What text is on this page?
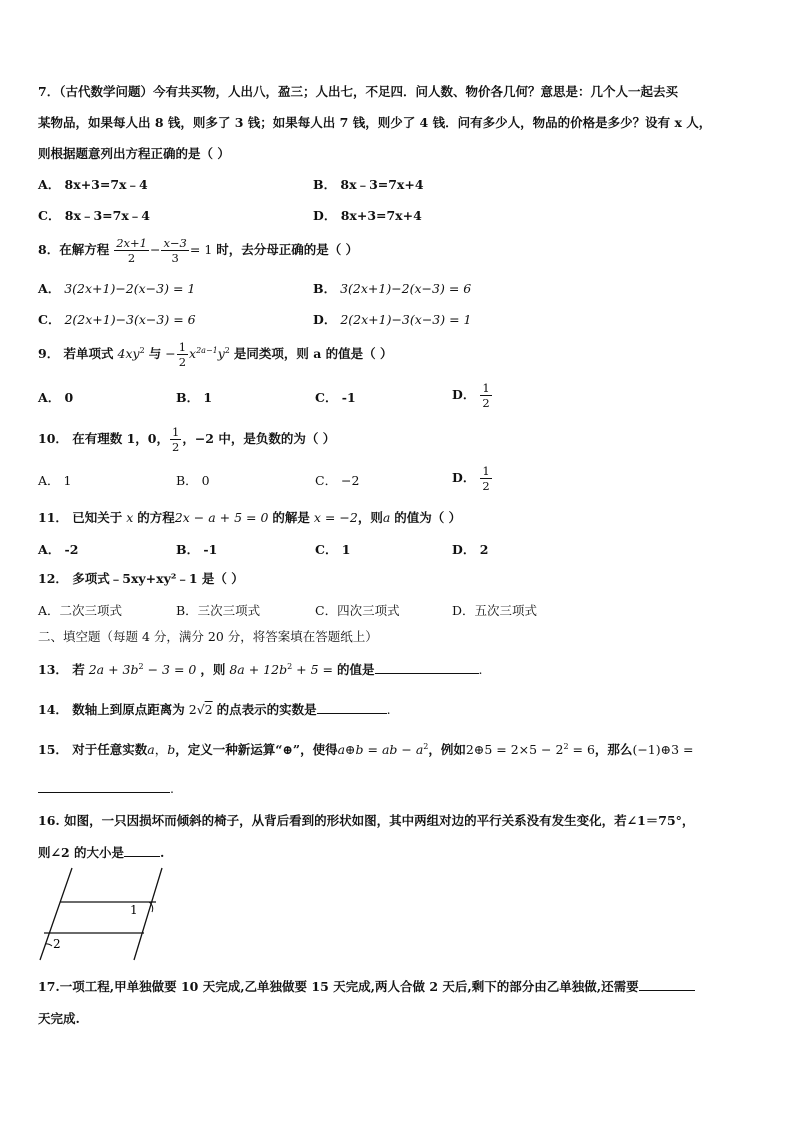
7．（古代数学问题）今有共买物，人出八，盈三；人出七，不足四．问人数、物价各几何？意思是：几个人一起去买
某物品，如果每人出 8 钱，则多了 3 钱；如果每人出 7 钱，则少了 4 钱．问有多少人，物品的价格是多少？设有 x 人，
则根据题意列出方程正确的是（ ）
A． 8x+3=7x﹣4	B． 8x﹣3=7x+4
C． 8x﹣3=7x﹣4	D． 8x+3=7x+4
8．在解方程 $\frac{2x+1}{2} - \frac{x-3}{3} = 1$ 时，去分母正确的是（ ）
A． 3(2x+1)−2(x−3) = 1	B． 3(2x+1)−2(x−3) = 6
C． 2(2x+1)−3(x−3) = 6	D． 2(2x+1)−3(x−3) = 1
9． 若单项式 $4xy^2$ 与 − $\frac{1}{2} x^{2a-1}y^2$ 是同类项，则 a 的值是（ ）
A． 0	B． 1	C． -1	D． $\frac{1}{2}$
10． 在有理数 1，0， $\frac{1}{2}$ ，−2 中，是负数的为（ ）
A． 1	B． 0	C． −2	D． $\frac{1}{2}$
11． 已知关于 x 的方程2x − a + 5 = 0 的解是 x = −2，则a 的值为（ ）
A． -2	B． -1	C． 1	D． 2
12． 多项式﹣5xy+xy²﹣1 是（ ）
A．二次三项式	B．三次三项式	C．四次三项式	D．五次三项式
二、填空题（每题 4 分，满分 20 分，将答案填在答题纸上）
13． 若 $2a + 3b^2 - 3 = 0$ ，则 $8a + 12b^2 + 5$ = 的值是	.
14． 数轴上到原点距离为 2√2 的点表示的实数是	.
15． 对于任意实数a，b，定义一种新运算“⊕”，使得a⊕b = ab − $a^2$，例如2⊕5 = $2\times 5 - 2^2 = 6$，那么(−1)⊕3 =
.
16. 如图，一只因损坏而倾斜的椅子，从背后看到的形状如图，其中两组对边的平行关系没有发生变化，若∠1＝75°，
则∠2 的大小是	.
1
2
17.一项工程,甲单独做要 10 天完成,乙单独做要 15 天完成,两人合做 2 天后,剩下的部分由乙单独做,还需要
天完成.
